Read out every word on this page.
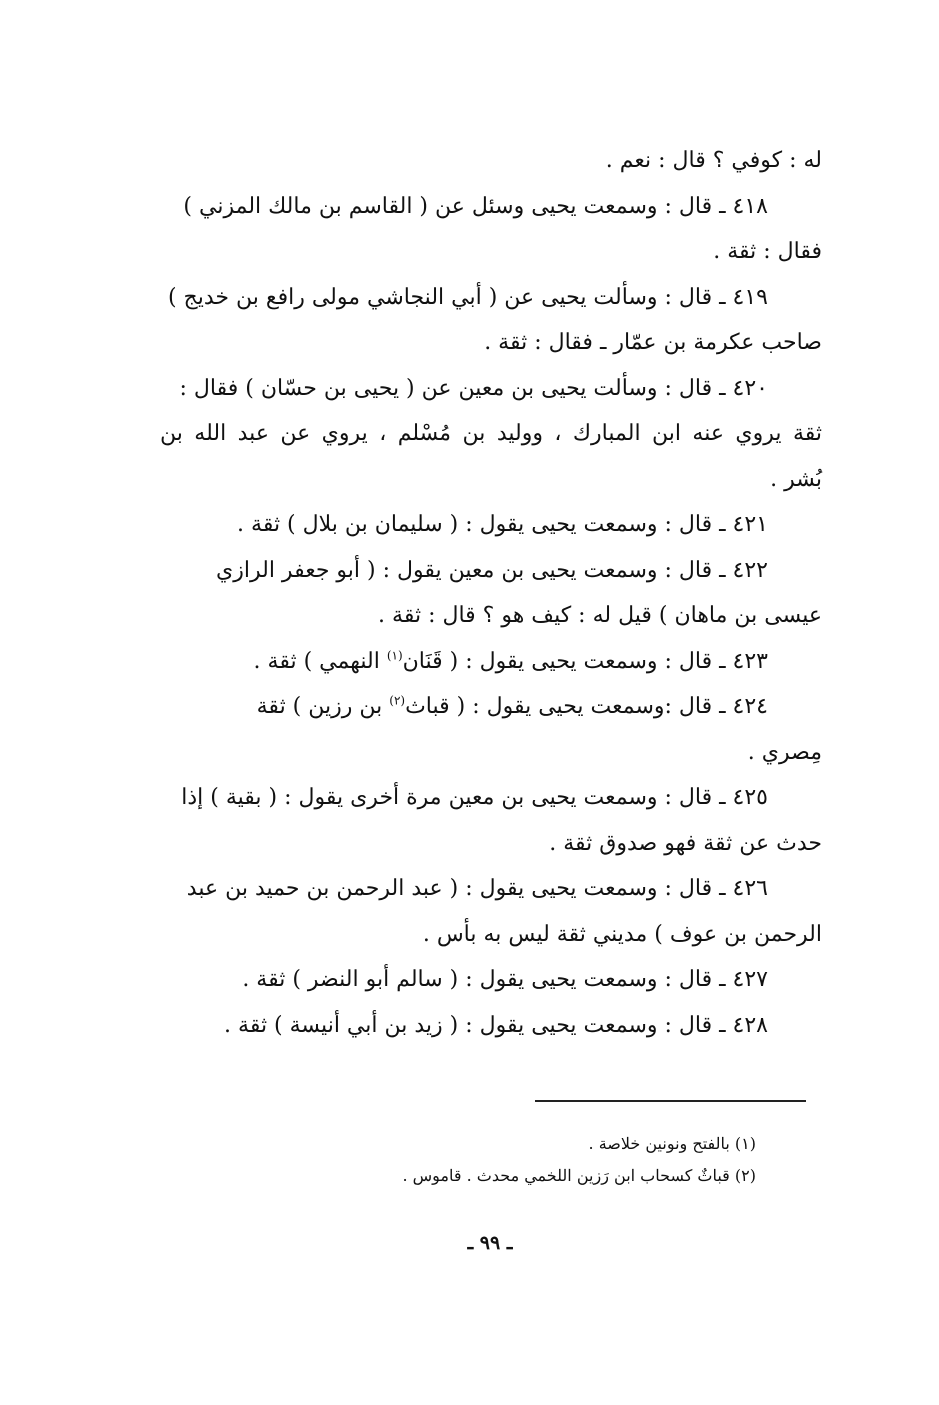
له : كوفي ؟ قال : نعم .
٤١٨ ـ قال : وسمعت يحيى وسئل عن ( القاسم بن مالك المزني )
فقال : ثقة .
٤١٩ ـ قال : وسألت يحيى عن ( أبي النجاشي مولى رافع بن خديج )
صاحب عكرمة بن عمّار ـ فقال : ثقة .
٤٢٠ ـ قال : وسألت يحيى بن معين عن ( يحيى بن حسّان ) فقال :
ثقة يروي عنه ابن المبارك ، ووليد بن مُسْلم ، يروي عن عبد الله بن
بُشر .
٤٢١ ـ قال : وسمعت يحيى يقول : ( سليمان بن بلال ) ثقة .
٤٢٢ ـ قال : وسمعت يحيى بن معين يقول : ( أبو جعفر الرازي
عيسى بن ماهان ) قيل له : كيف هو ؟ قال : ثقة .
٤٢٣ ـ قال : وسمعت يحيى يقول : ( قَنَان$^{(١)}$ النهمي ) ثقة .
٤٢٤ ـ قال :وسمعت يحيى يقول : ( قباث$^{(٢)}$ بن رزين ) ثقة
مِصري .
٤٢٥ ـ قال : وسمعت يحيى بن معين مرة أخرى يقول : ( بقية ) إذا
حدث عن ثقة فهو صدوق ثقة .
٤٢٦ ـ قال : وسمعت يحيى يقول : ( عبد الرحمن بن حميد بن عبد
الرحمن بن عوف ) مديني ثقة ليس به بأس .
٤٢٧ ـ قال : وسمعت يحيى يقول : ( سالم أبو النضر ) ثقة .
٤٢٨ ـ قال : وسمعت يحيى يقول : ( زيد بن أبي أنيسة ) ثقة .
(١) بالفتح ونونين خلاصة .
(٢) قباثٌ كسحاب ابن رَزين اللخمي محدث . قاموس .
ـ ٩٩ ـ
